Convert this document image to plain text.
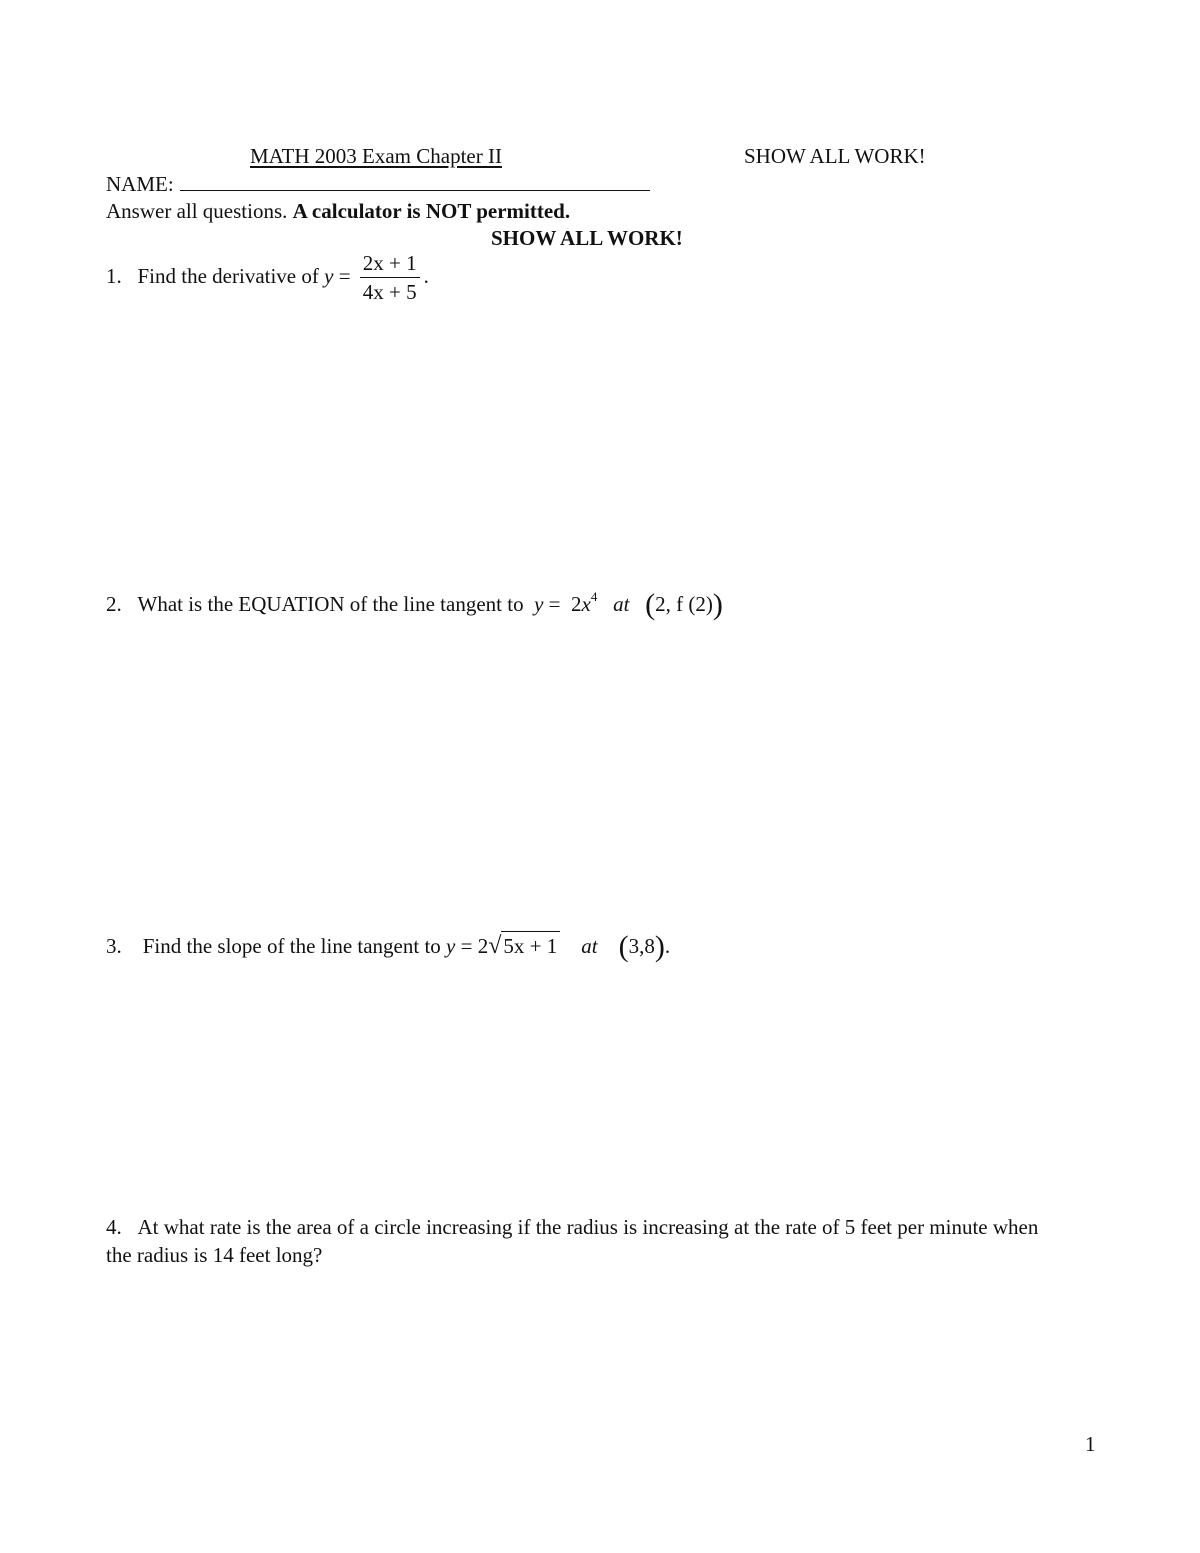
MATH 2003 Exam Chapter II	SHOW ALL WORK!
NAME:
Answer all questions. A calculator is NOT permitted.
SHOW ALL WORK!
1. Find the derivative of $y = \frac{2x + 1}{4x + 5}$ .
2. What is the EQUATION of the line tangent to $y = 2x^4$ at (2, f (2))
3. Find the slope of the line tangent to y = 2√5x + 1 at (3,8).
4. At what rate is the area of a circle increasing if the radius is increasing at the rate of 5 feet per minute when the radius is 14 feet long?
1
